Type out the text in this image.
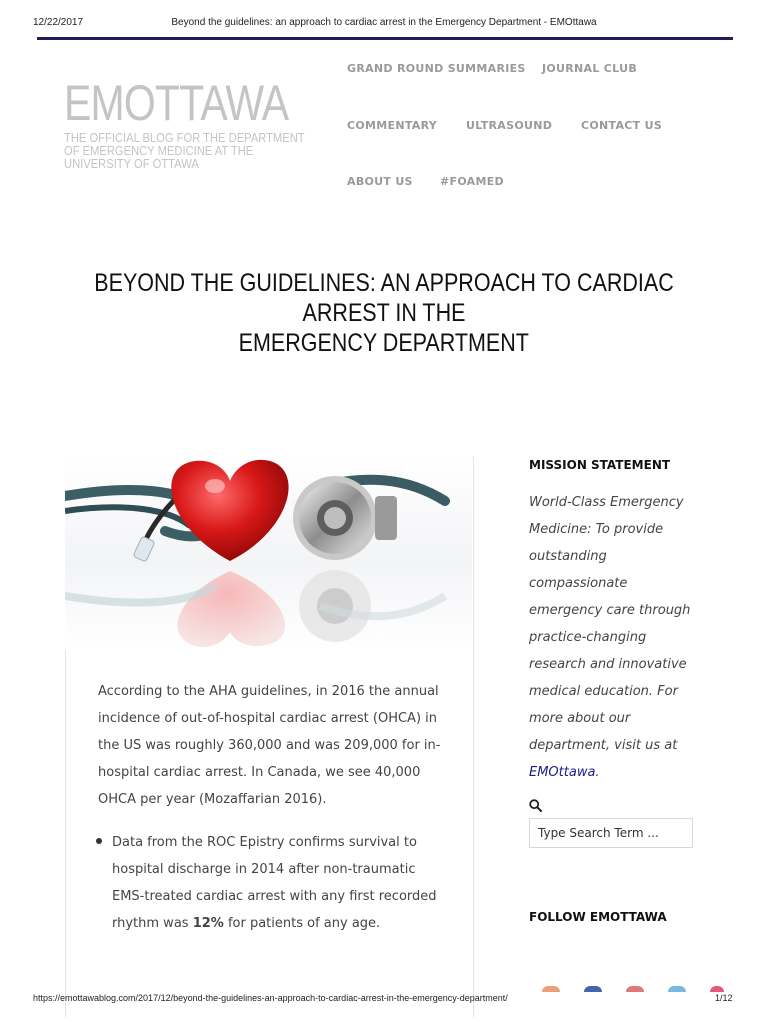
12/22/2017	Beyond the guidelines: an approach to cardiac arrest in the Emergency Department - EMOttawa
EMOTTAWA
THE OFFICIAL BLOG FOR THE DEPARTMENT OF EMERGENCY MEDICINE AT THE UNIVERSITY OF OTTAWA
GRAND ROUND SUMMARIES JOURNAL CLUB
COMMENTARY	ULTRASOUND	CONTACT US
ABOUT US #FOAMED
BEYOND THE GUIDELINES: AN APPROACH TO CARDIAC ARREST IN THE
EMERGENCY DEPARTMENT
According to the AHA guidelines, in 2016 the annual incidence of out-of-hospital cardiac arrest (OHCA) in the US was roughly 360,000 and was 209,000 for in-hospital cardiac arrest. In Canada, we see 40,000 OHCA per year (Mozaffarian 2016).
Data from the ROC Epistry confirms survival to hospital discharge in 2014 after non-traumatic EMS-treated cardiac arrest with any first recorded rhythm was 12% for patients of any age.
MISSION STATEMENT
World-Class Emergency Medicine: To provide outstanding compassionate emergency care through practice-changing research and innovative medical education. For more about our department, visit us at EMOttawa.
Type Search Term ...
FOLLOW EMOTTAWA
https://emottawablog.com/2017/12/beyond-the-guidelines-an-approach-to-cardiac-arrest-in-the-emergency-department/	1/12
